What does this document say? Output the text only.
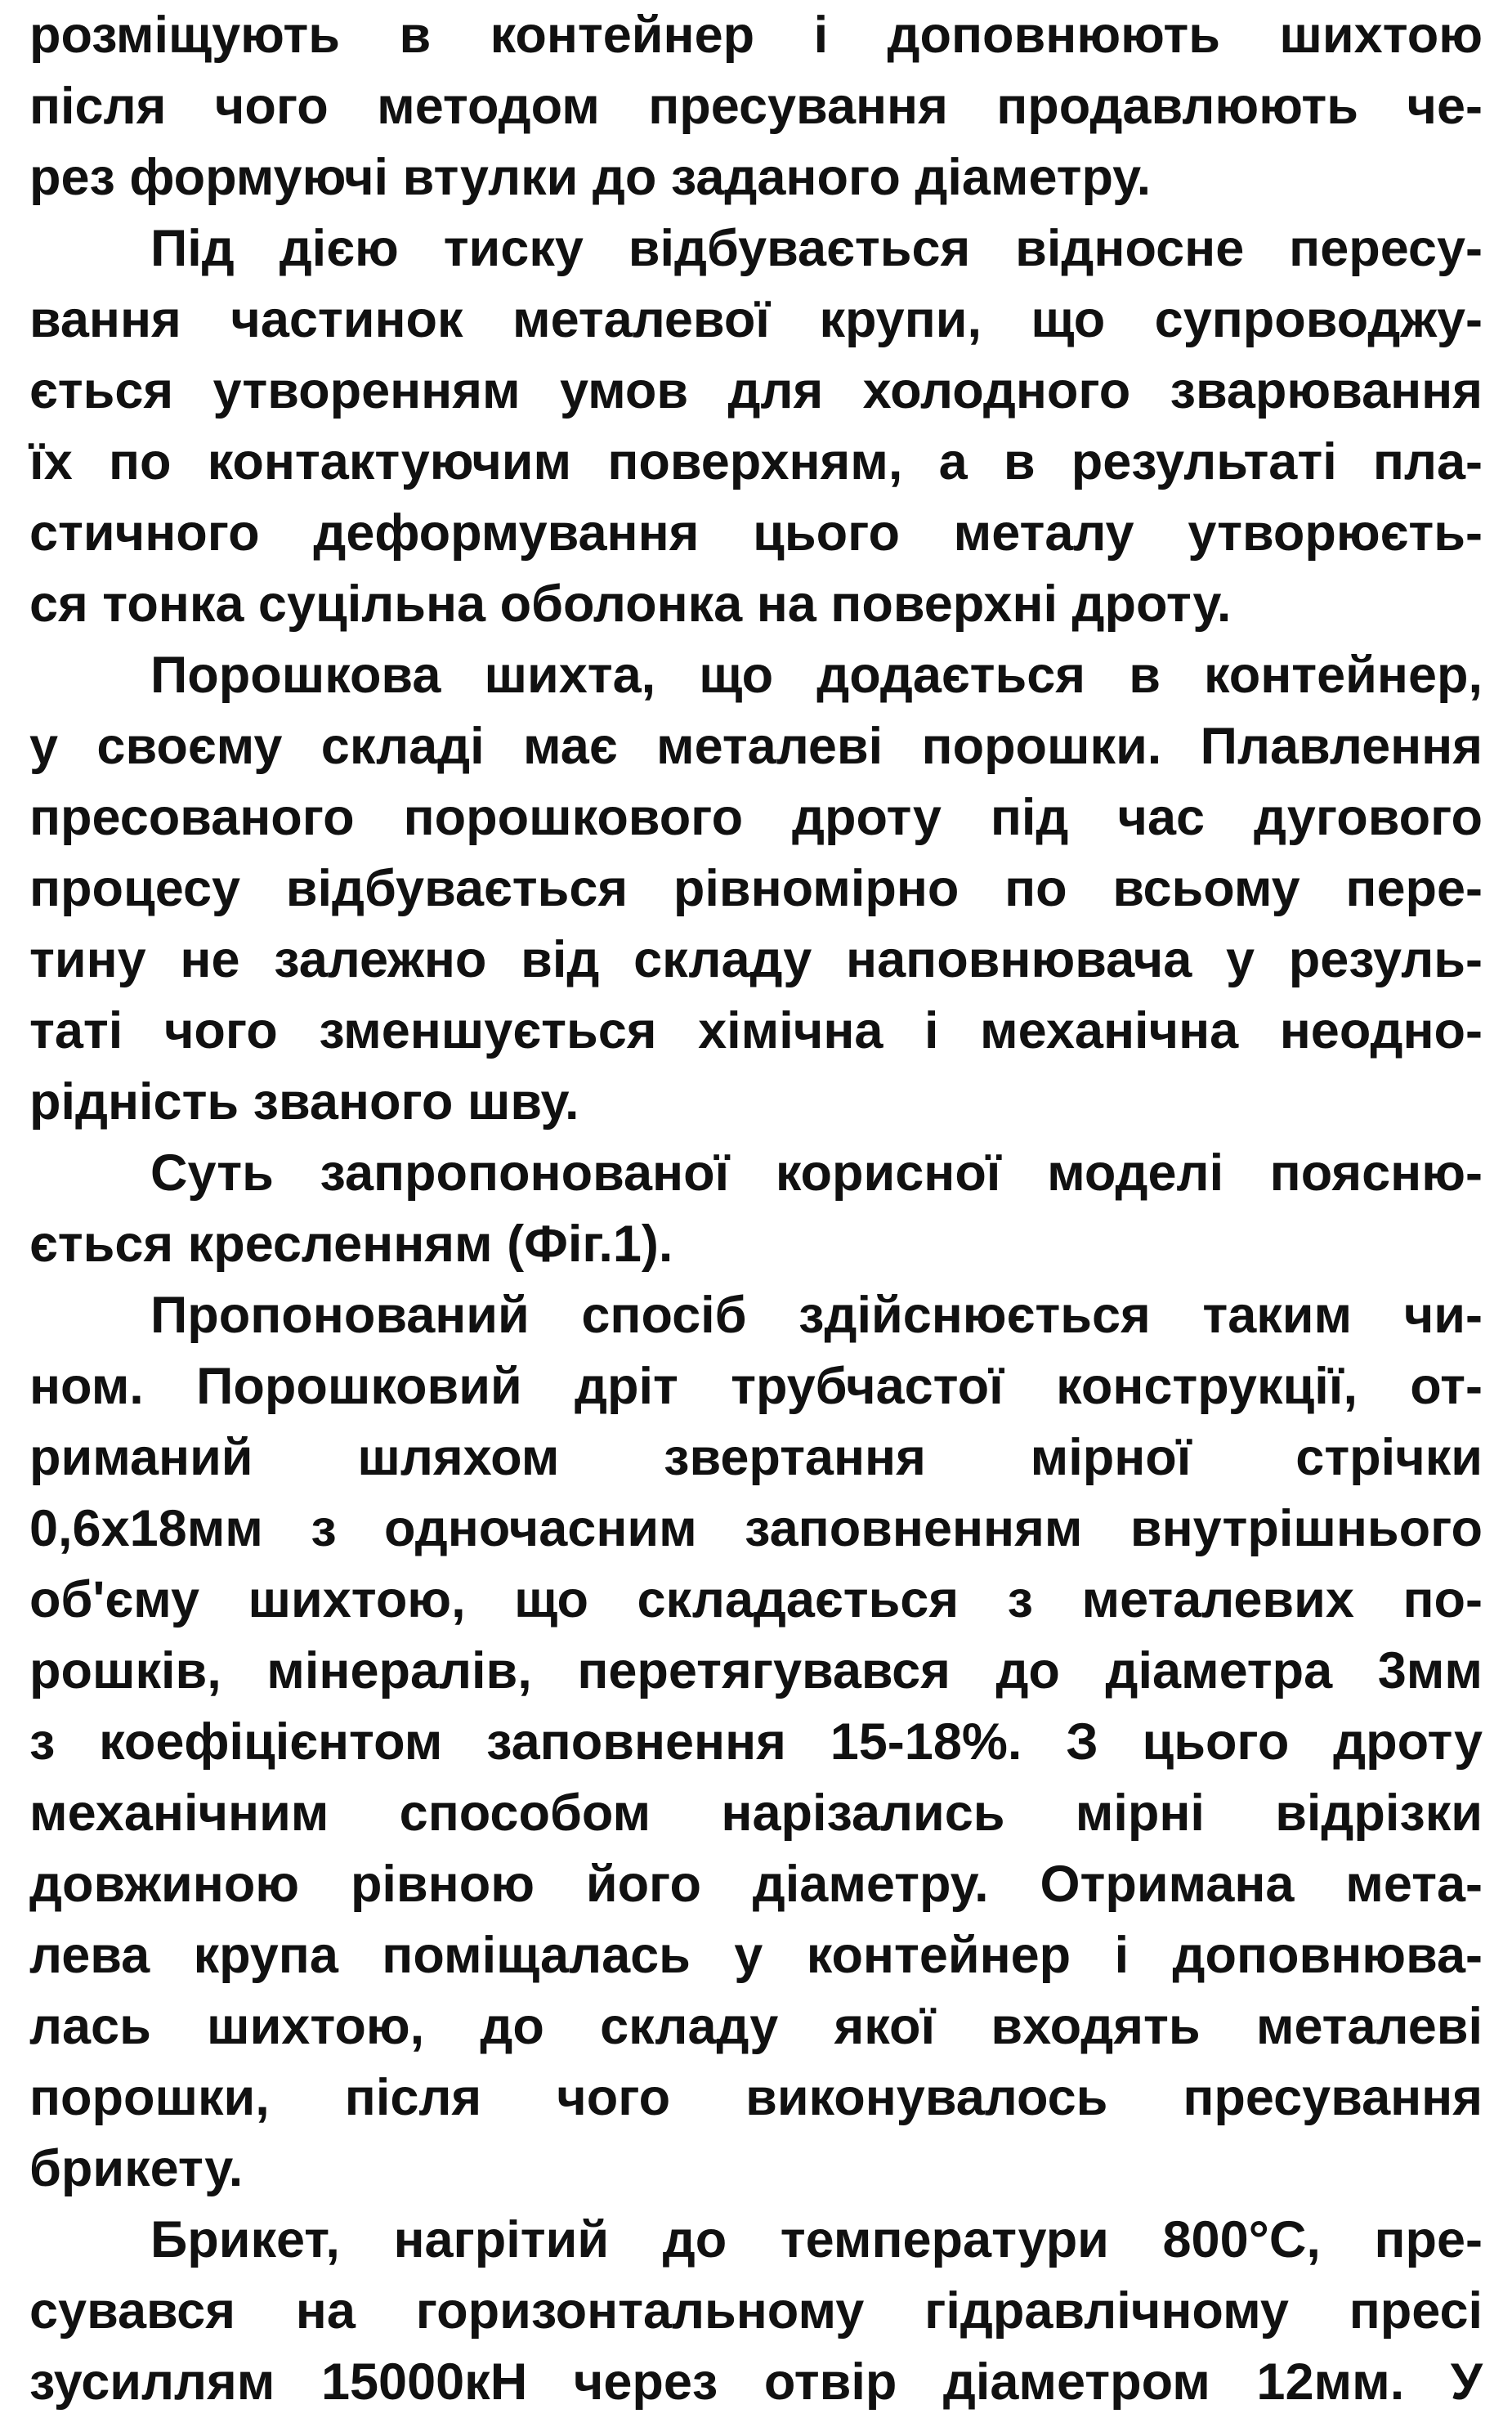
розміщують в контейнер і доповнюють шихтою
після чого методом пресування продавлюють че-
рез формуючі втулки до заданого діаметру.
Під дією тиску відбувається відносне пересу-
вання частинок металевої крупи, що супроводжу-
ється утворенням умов для холодного зварювання
їх по контактуючим поверхням, а в результаті пла-
стичного деформування цього металу утворюєть-
ся тонка суцільна оболонка на поверхні дроту.
Порошкова шихта, що додається в контейнер,
у своєму складі має металеві порошки. Плавлення
пресованого порошкового дроту під час дугового
процесу відбувається рівномірно по всьому пере-
тину не залежно від складу наповнювача у резуль-
таті чого зменшується хімічна і механічна неодно-
рідність званого шву.
Суть запропонованої корисної моделі поясню-
ється кресленням (Фіг.1).
Пропонований спосіб здійснюється таким чи-
ном. Порошковий дріт трубчастої конструкції, от-
риманий шляхом звертання мірної стрічки
0,6х18мм з одночасним заповненням внутрішнього
об'єму шихтою, що складається з металевих по-
рошків, мінералів, перетягувався до діаметра 3мм
з коефіцієнтом заповнення 15-18%. З цього дроту
механічним способом нарізались мірні відрізки
довжиною рівною його діаметру. Отримана мета-
лева крупа поміщалась у контейнер і доповнюва-
лась шихтою, до складу якої входять металеві
порошки, після чого виконувалось пресування
брикету.
Брикет, нагрітий до температури 800°С, пре-
сувався на горизонтальному гідравлічному пресі
зусиллям 15000кН через отвір діаметром 12мм. У
